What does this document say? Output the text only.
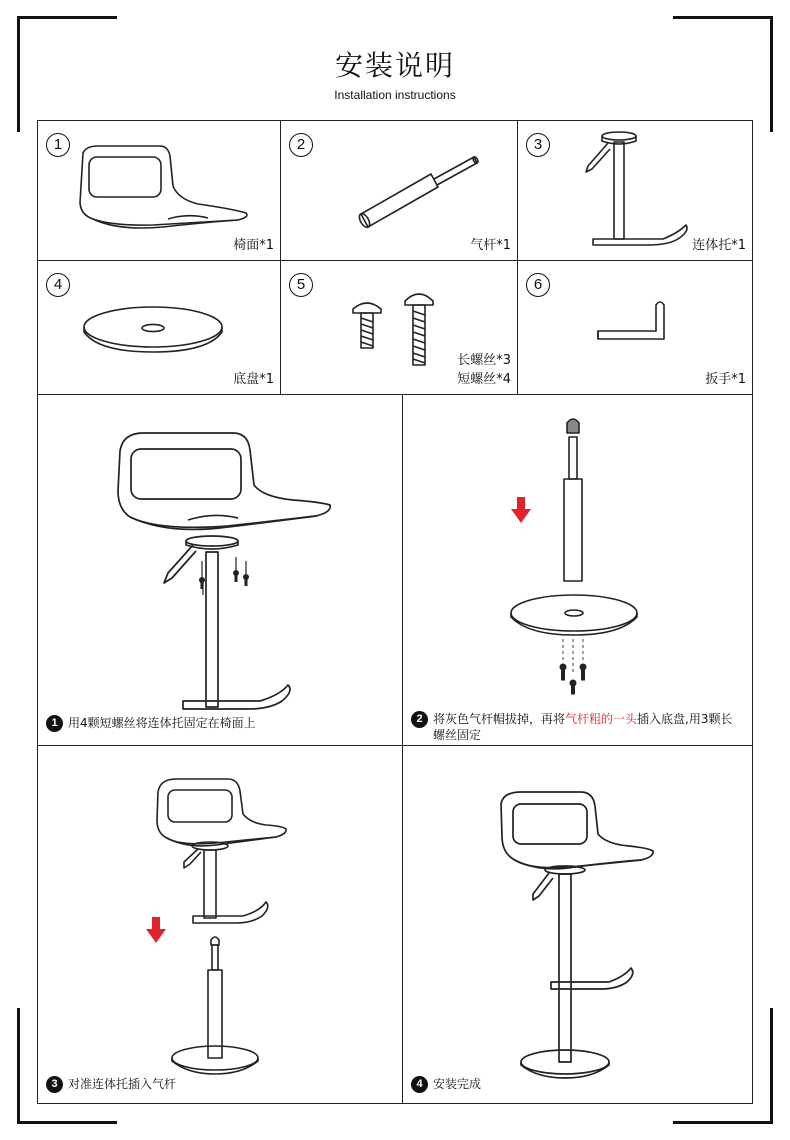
安装说明
Installation instructions
1
椅面*1
2
气杆*1
3
连体托*1
4
底盘*1
5
长螺丝*3
短螺丝*4
6
扳手*1
1 用4颗短螺丝将连体托固定在椅面上	2 将灰色气杆帽拔掉，再将气杆粗的一头插入底盘,用3颗长螺丝固定
3 对准连体托插入气杆	4 安装完成
